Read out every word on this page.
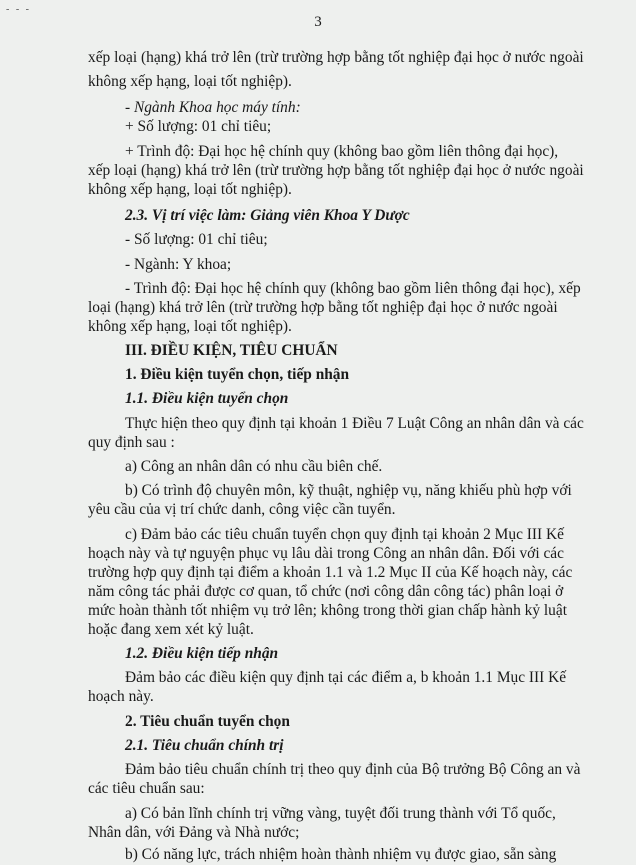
- - -
3
xếp loại (hạng) khá trở lên (trừ trường hợp bằng tốt nghiệp đại học ở nước ngoài
không xếp hạng, loại tốt nghiệp).
- Ngành Khoa học máy tính:
+ Số lượng: 01 chỉ tiêu;
+ Trình độ: Đại học hệ chính quy (không bao gồm liên thông đại học),
xếp loại (hạng) khá trở lên (trừ trường hợp bằng tốt nghiệp đại học ở nước ngoài
không xếp hạng, loại tốt nghiệp).
2.3. Vị trí việc làm: Giảng viên Khoa Y Dược
- Số lượng: 01 chỉ tiêu;
- Ngành: Y khoa;
- Trình độ: Đại học hệ chính quy (không bao gồm liên thông đại học), xếp
loại (hạng) khá trở lên (trừ trường hợp bằng tốt nghiệp đại học ở nước ngoài
không xếp hạng, loại tốt nghiệp).
III. ĐIỀU KIỆN, TIÊU CHUẨN
1. Điều kiện tuyển chọn, tiếp nhận
1.1. Điều kiện tuyển chọn
Thực hiện theo quy định tại khoản 1 Điều 7 Luật Công an nhân dân và các
quy định sau :
a) Công an nhân dân có nhu cầu biên chế.
b) Có trình độ chuyên môn, kỹ thuật, nghiệp vụ, năng khiếu phù hợp với
yêu cầu của vị trí chức danh, công việc cần tuyển.
c) Đảm bảo các tiêu chuẩn tuyển chọn quy định tại khoản 2 Mục III Kế
hoạch này và tự nguyện phục vụ lâu dài trong Công an nhân dân. Đối với các
trường hợp quy định tại điểm a khoản 1.1 và 1.2 Mục II của Kế hoạch này, các
năm công tác phải được cơ quan, tổ chức (nơi công dân công tác) phân loại ở
mức hoàn thành tốt nhiệm vụ trở lên; không trong thời gian chấp hành kỷ luật
hoặc đang xem xét kỷ luật.
1.2. Điều kiện tiếp nhận
Đảm bảo các điều kiện quy định tại các điểm a, b khoản 1.1 Mục III Kế
hoạch này.
2. Tiêu chuẩn tuyển chọn
2.1. Tiêu chuẩn chính trị
Đảm bảo tiêu chuẩn chính trị theo quy định của Bộ trưởng Bộ Công an và
các tiêu chuẩn sau:
a) Có bản lĩnh chính trị vững vàng, tuyệt đối trung thành với Tổ quốc,
Nhân dân, với Đảng và Nhà nước;
b) Có năng lực, trách nhiệm hoàn thành nhiệm vụ được giao, sẵn sàng
